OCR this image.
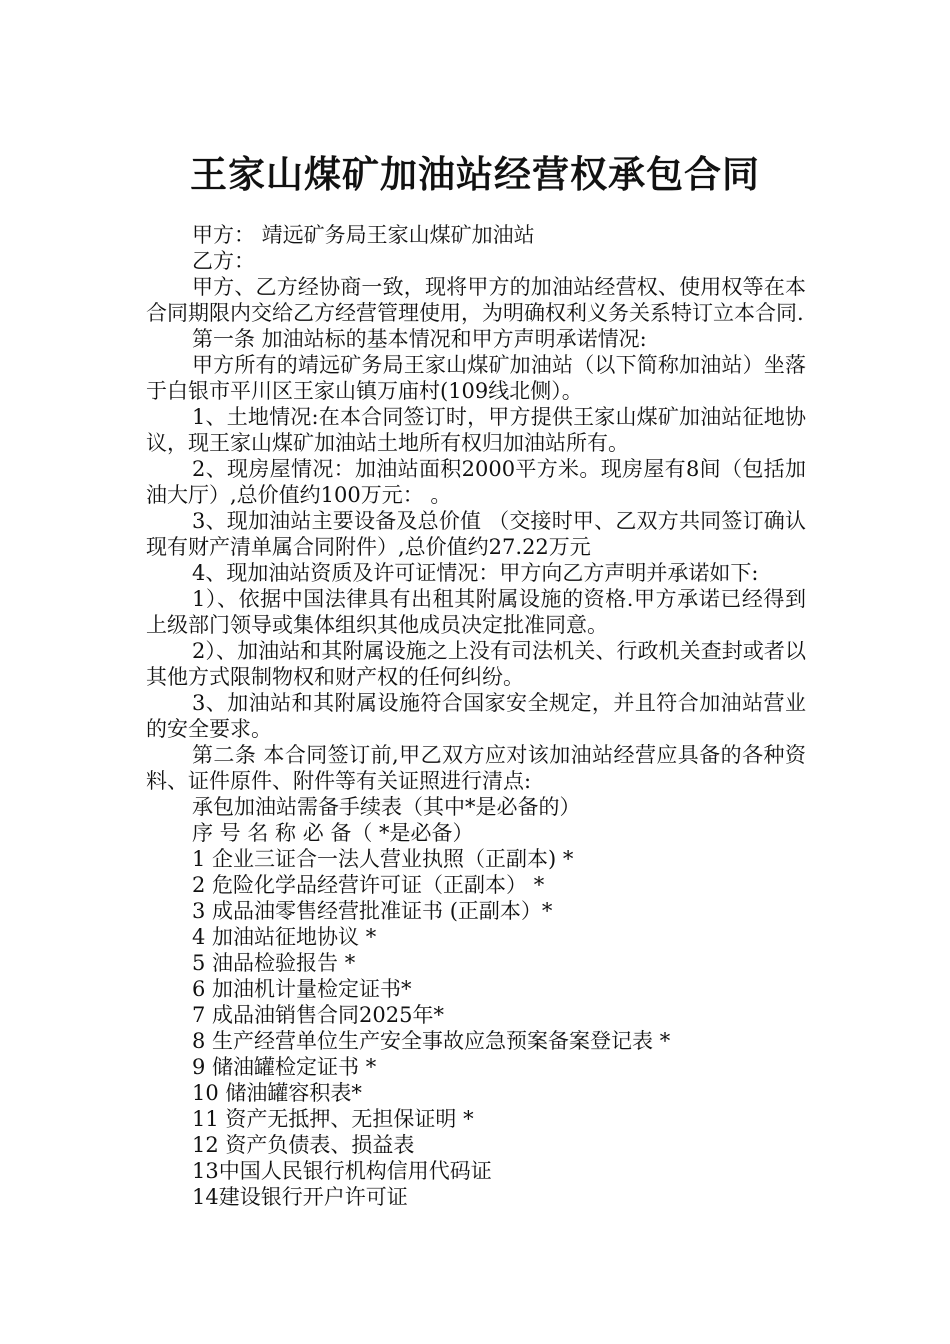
王家山煤矿加油站经营权承包合同

甲方： 靖远矿务局王家山煤矿加油站

乙方：

甲方、乙方经协商一致，现将甲方的加油站经营权、使用权等在本合同期限内交给乙方经营管理使用，为明确权利义务关系特订立本合同.

第一条 加油站标的基本情况和甲方声明承诺情况:

甲方所有的靖远矿务局王家山煤矿加油站（以下简称加油站）坐落于白银市平川区王家山镇万庙村(109线北侧）。

1、土地情况:在本合同签订时，甲方提供王家山煤矿加油站征地协议，现王家山煤矿加油站土地所有权归加油站所有。

2、现房屋情况：加油站面积2000平方米。现房屋有8间（包括加油大厅）,总价值约100万元： 。

3、现加油站主要设备及总价值 （交接时甲、乙双方共同签订确认现有财产清单属合同附件）,总价值约27.22万元

4、现加油站资质及许可证情况：甲方向乙方声明并承诺如下:

1）、依据中国法律具有出租其附属设施的资格.甲方承诺已经得到上级部门领导或集体组织其他成员决定批准同意。

2）、加油站和其附属设施之上没有司法机关、行政机关查封或者以其他方式限制物权和财产权的任何纠纷。

3、加油站和其附属设施符合国家安全规定，并且符合加油站营业的安全要求。

第二条 本合同签订前,甲乙双方应对该加油站经营应具备的各种资料、证件原件、附件等有关证照进行清点:

承包加油站需备手续表（其中*是必备的）

序 号 名 称 必 备（ *是必备）

1 企业三证合一法人营业执照（正副本) *

2 危险化学品经营许可证（正副本） *

3 成品油零售经营批准证书 (正副本）*

4 加油站征地协议 *

5 油品检验报告 *

6 加油机计量检定证书*

7 成品油销售合同2025年*

8 生产经营单位生产安全事故应急预案备案登记表 *

9 储油罐检定证书 *

10 储油罐容积表*

11 资产无抵押、无担保证明 *

12 资产负债表、损益表

13中国人民银行机构信用代码证

14建设银行开户许可证
